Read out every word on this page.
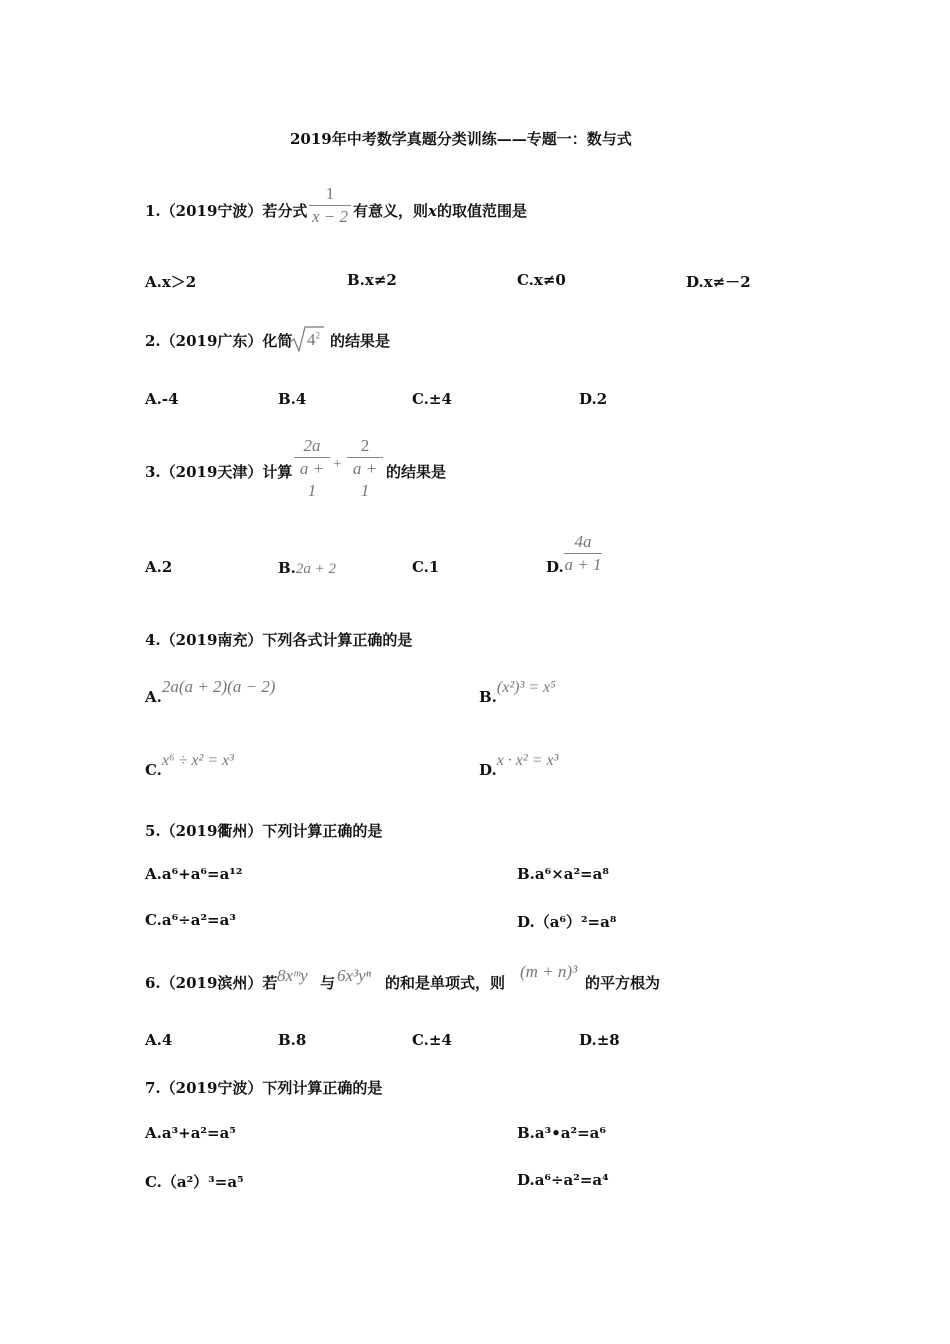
2019年中考数学真题分类训练——专题一：数与式
1.（2019宁波）若分式
1
x − 2 有意义，则x的取值范围是
A.x＞2	B.x≠2	C.x≠0	D.x≠－2
2.（2019广东）化简 $4^2$ 的结果是
A.-4	B.4	C.±4	D.2
3.（2019天津）计算
2a
a + 1
+
2
a + 1
的结果是
A.2	B.2a + 2	C.1	D.
4a
a + 1
4.（2019南充）下列各式计算正确的是
A.2a(a + 2)(a − 2)
B.(x²)³ = x⁵
C.x⁶ ÷ x² = x³
D.x · x² = x³
5.（2019衢州）下列计算正确的是
A.a⁶+a⁶=a¹²	B.a⁶×a²=a⁸
C.a⁶÷a²=a³	D.（a⁶）²=a⁸
6.（2019滨州）若 8xᵐy 与 6x³yⁿ 的和是单项式，则
(m + n)³
的平方根为
A.4	B.8	C.±4	D.±8
7.（2019宁波）下列计算正确的是
A.a³+a²=a⁵	B.a³•a²=a⁶
C.（a²）³=a⁵	D.a⁶÷a²=a⁴
